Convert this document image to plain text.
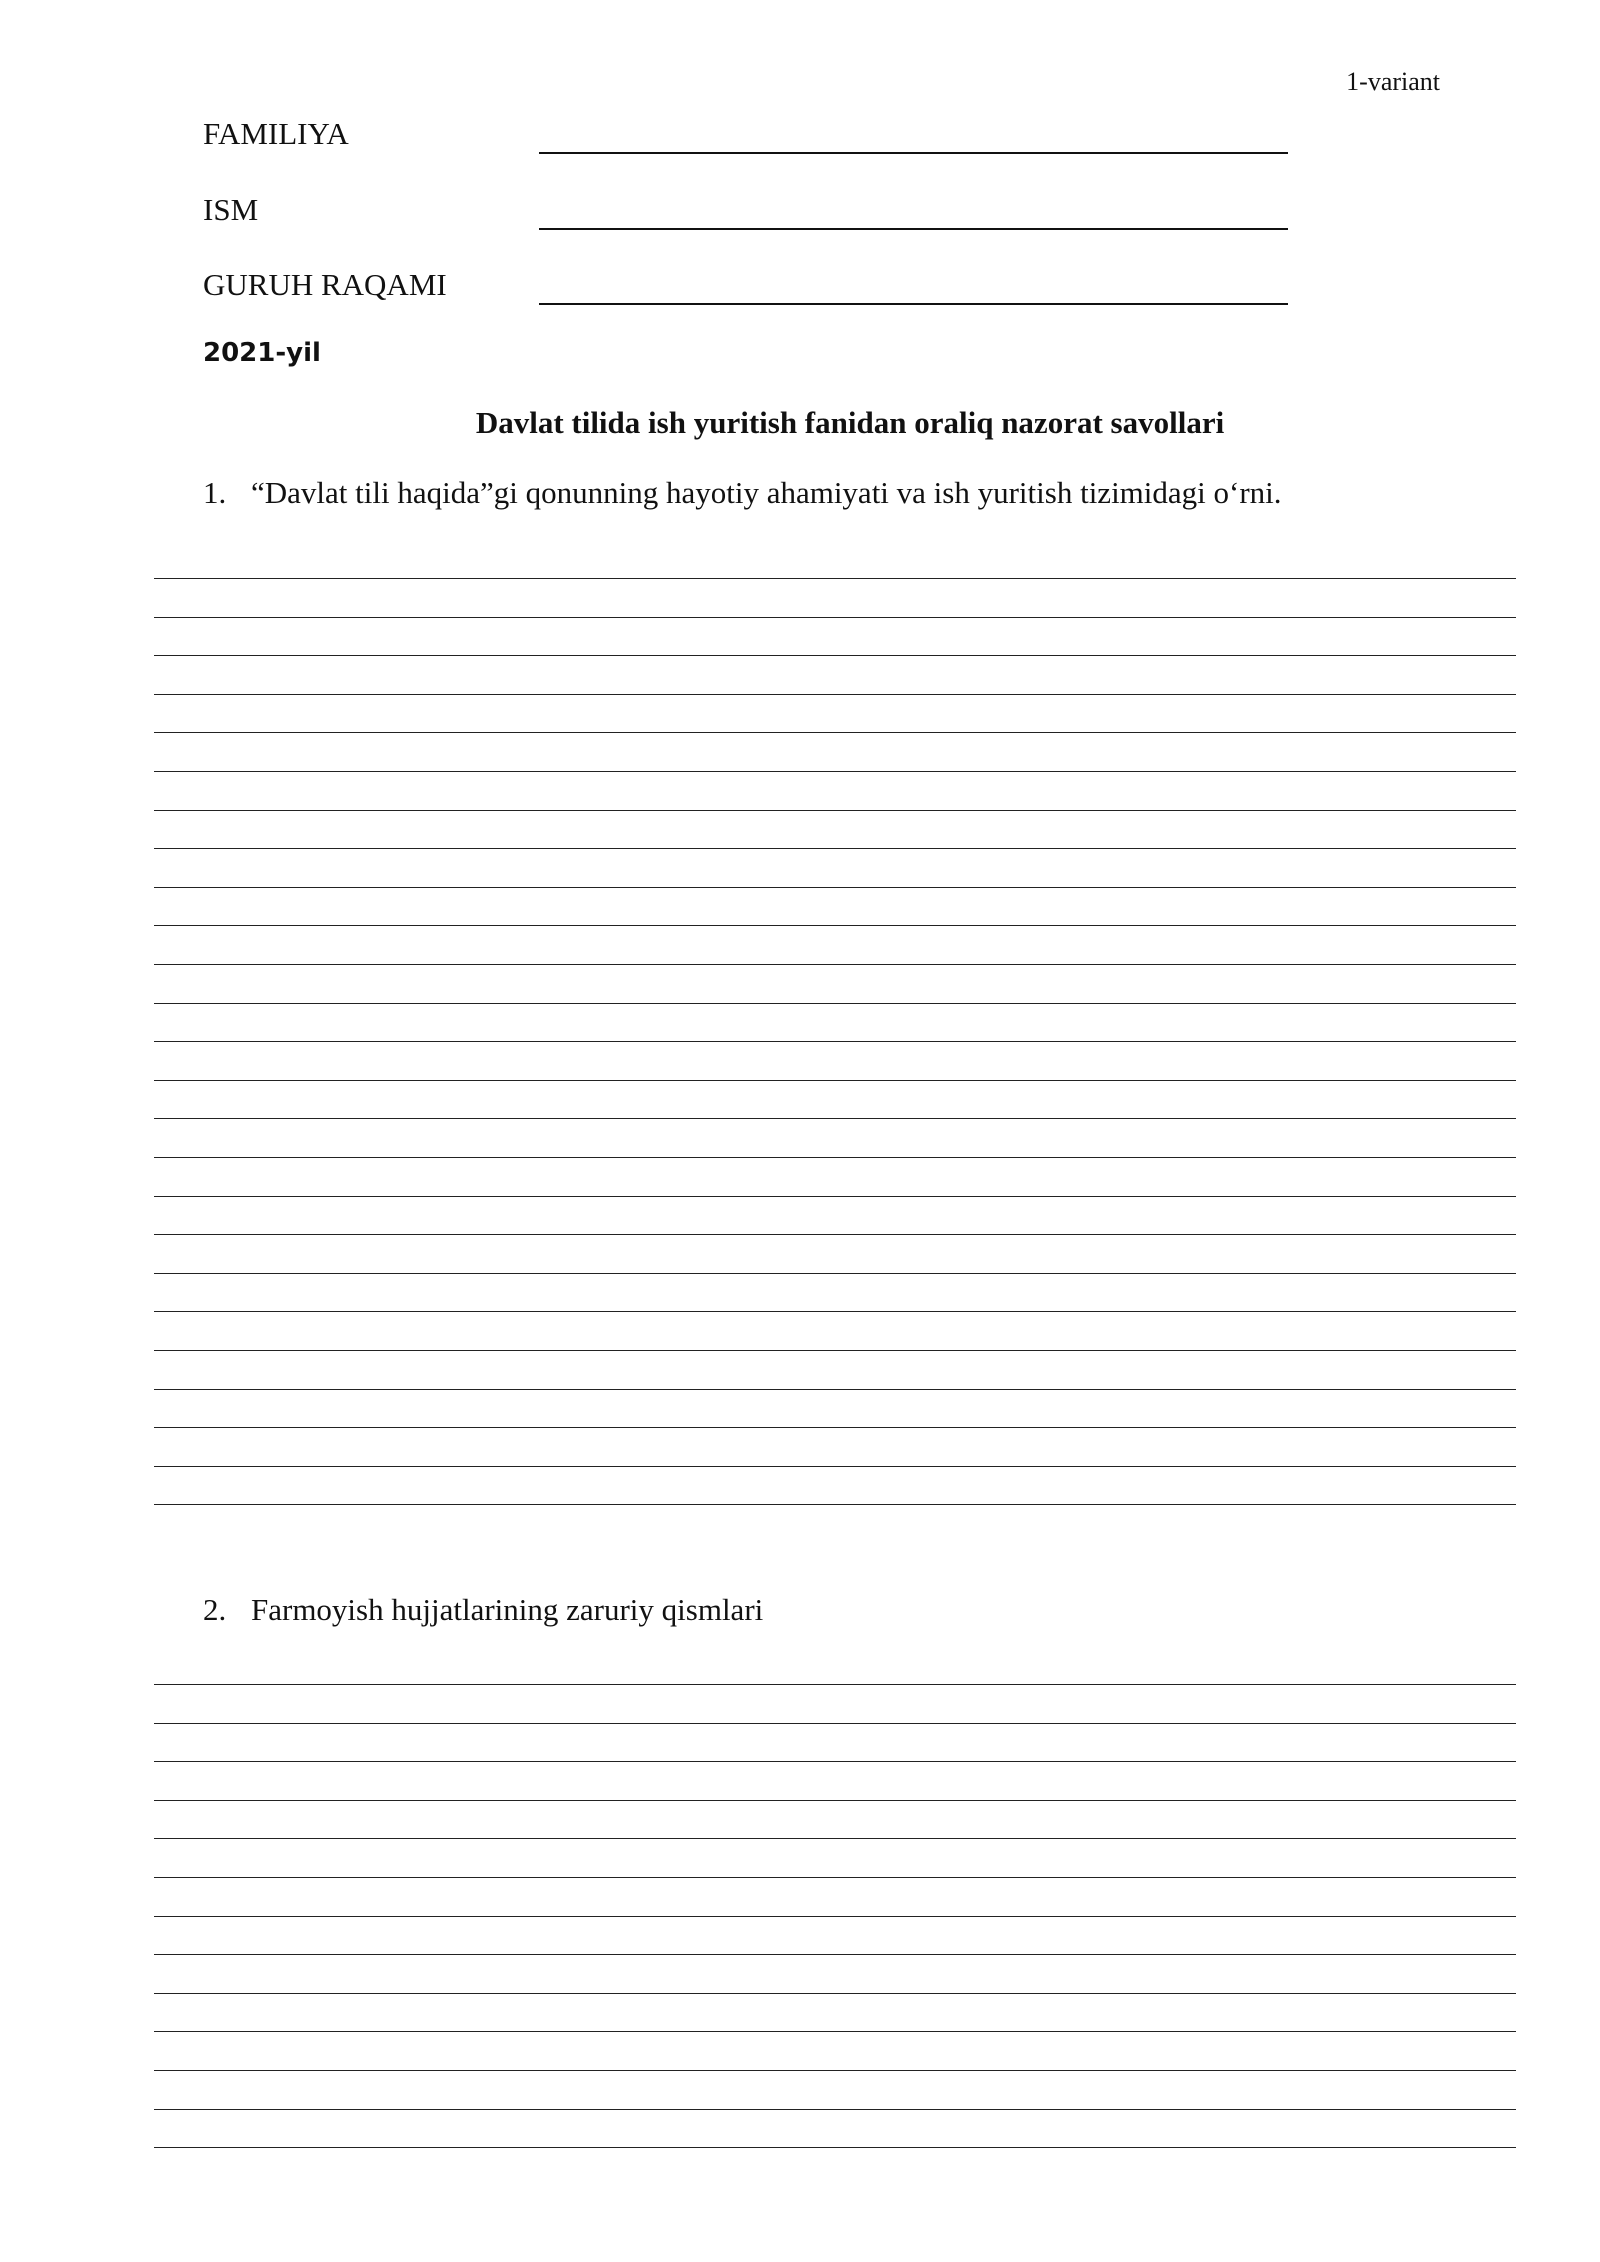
1-variant
FAMILIYA
ISM
GURUH RAQAMI
2021-yil
Davlat tilida ish yuritish fanidan oraliq nazorat savollari
1. “Davlat tili haqida”gi qonunning hayotiy ahamiyati va ish yuritish tizimidagi o‘rni.
2. Farmoyish hujjatlarining zaruriy qismlari
